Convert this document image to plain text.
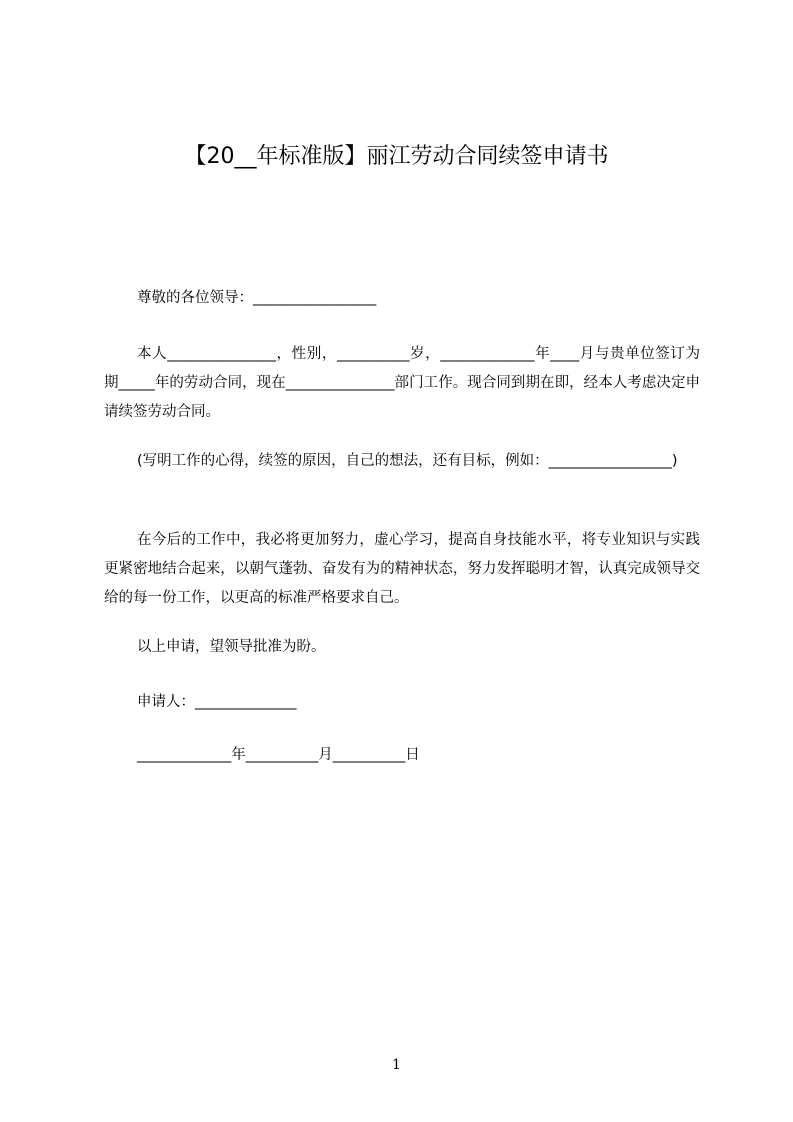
【20__年标准版】丽江劳动合同续签申请书
尊敬的各位领导：_________________
本人_______________，性别，__________岁，_____________年____月与贵单位签订为期_____年的劳动合同，现在_______________部门工作。现合同到期在即，经本人考虑决定申请续签劳动合同。
(写明工作的心得，续签的原因，自己的想法，还有目标，例如：_________________)
在今后的工作中，我必将更加努力，虚心学习，提高自身技能水平，将专业知识与实践更紧密地结合起来，以朝气蓬勃、奋发有为的精神状态，努力发挥聪明才智，认真完成领导交给的每一份工作，以更高的标准严格要求自己。
以上申请，望领导批准为盼。
申请人：______________
_____________年__________月__________日
1
